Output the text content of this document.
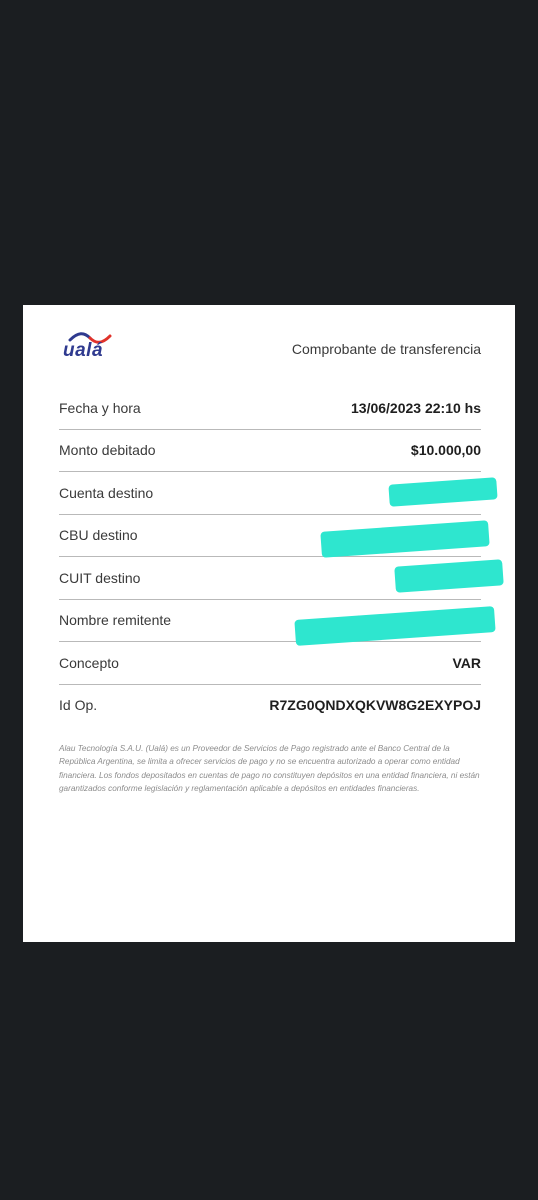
ualá	Comprobante de transferencia
Fecha y hora	13/06/2023 22:10 hs
Monto debitado	$10.000,00
Cuenta destino
CBU destino
CUIT destino
Nombre remitente
Concepto	VAR
Id Op.	R7ZG0QNDXQKVW8G2EXYPOJ
Alau Tecnología S.A.U. (Ualá) es un Proveedor de Servicios de Pago registrado ante el Banco Central de la República Argentina, se limita a ofrecer servicios de pago y no se encuentra autorizado a operar como entidad financiera. Los fondos depositados en cuentas de pago no constituyen depósitos en una entidad financiera, ni están garantizados conforme legislación y reglamentación aplicable a depósitos en entidades financieras.
